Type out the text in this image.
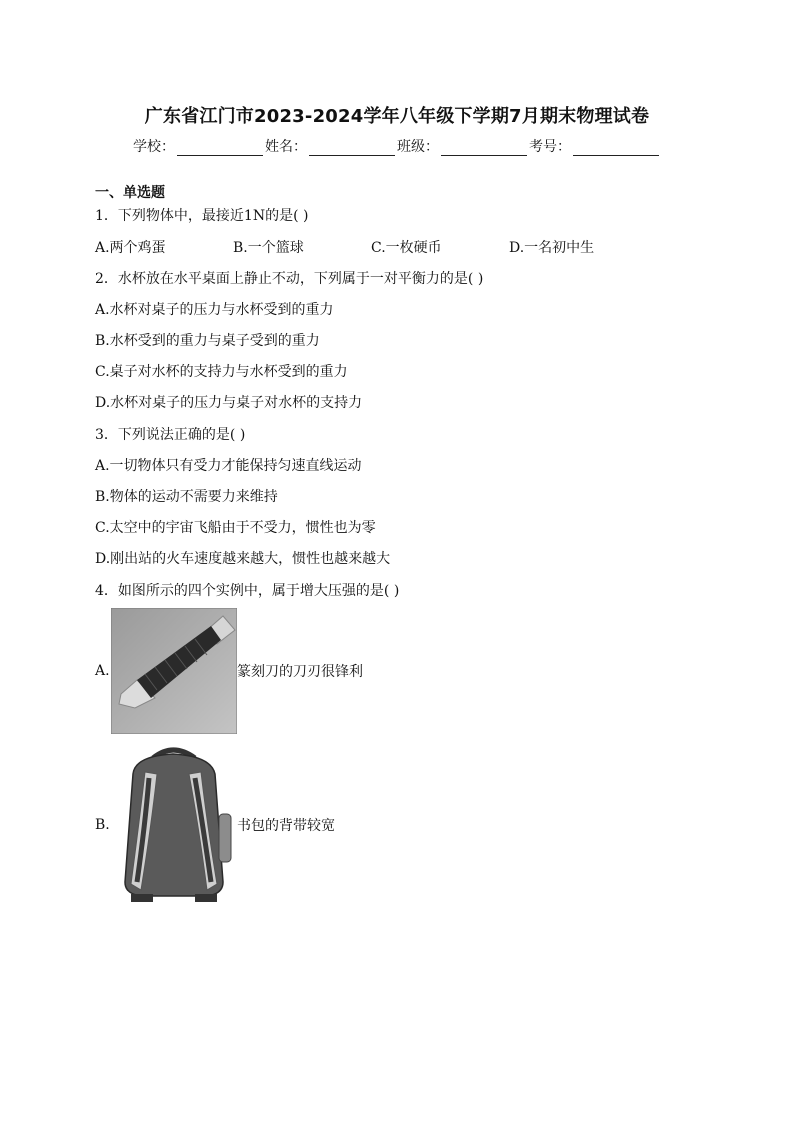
广东省江门市2023-2024学年八年级下学期7月期末物理试卷
学校：	姓名：	班级：	考号：
一、单选题
1．下列物体中，最接近1N的是( )
A.两个鸡蛋	B.一个篮球	C.一枚硬币	D.一名初中生
2．水杯放在水平桌面上静止不动，下列属于一对平衡力的是( )
A.水杯对桌子的压力与水杯受到的重力
B.水杯受到的重力与桌子受到的重力
C.桌子对水杯的支持力与水杯受到的重力
D.水杯对桌子的压力与桌子对水杯的支持力
3．下列说法正确的是( )
A.一切物体只有受力才能保持匀速直线运动
B.物体的运动不需要力来维持
C.太空中的宇宙飞船由于不受力，惯性也为零
D.刚出站的火车速度越来越大，惯性也越来越大
4．如图所示的四个实例中，属于增大压强的是( )
A.	篆刻刀的刀刃很锋利
B.	书包的背带较宽
